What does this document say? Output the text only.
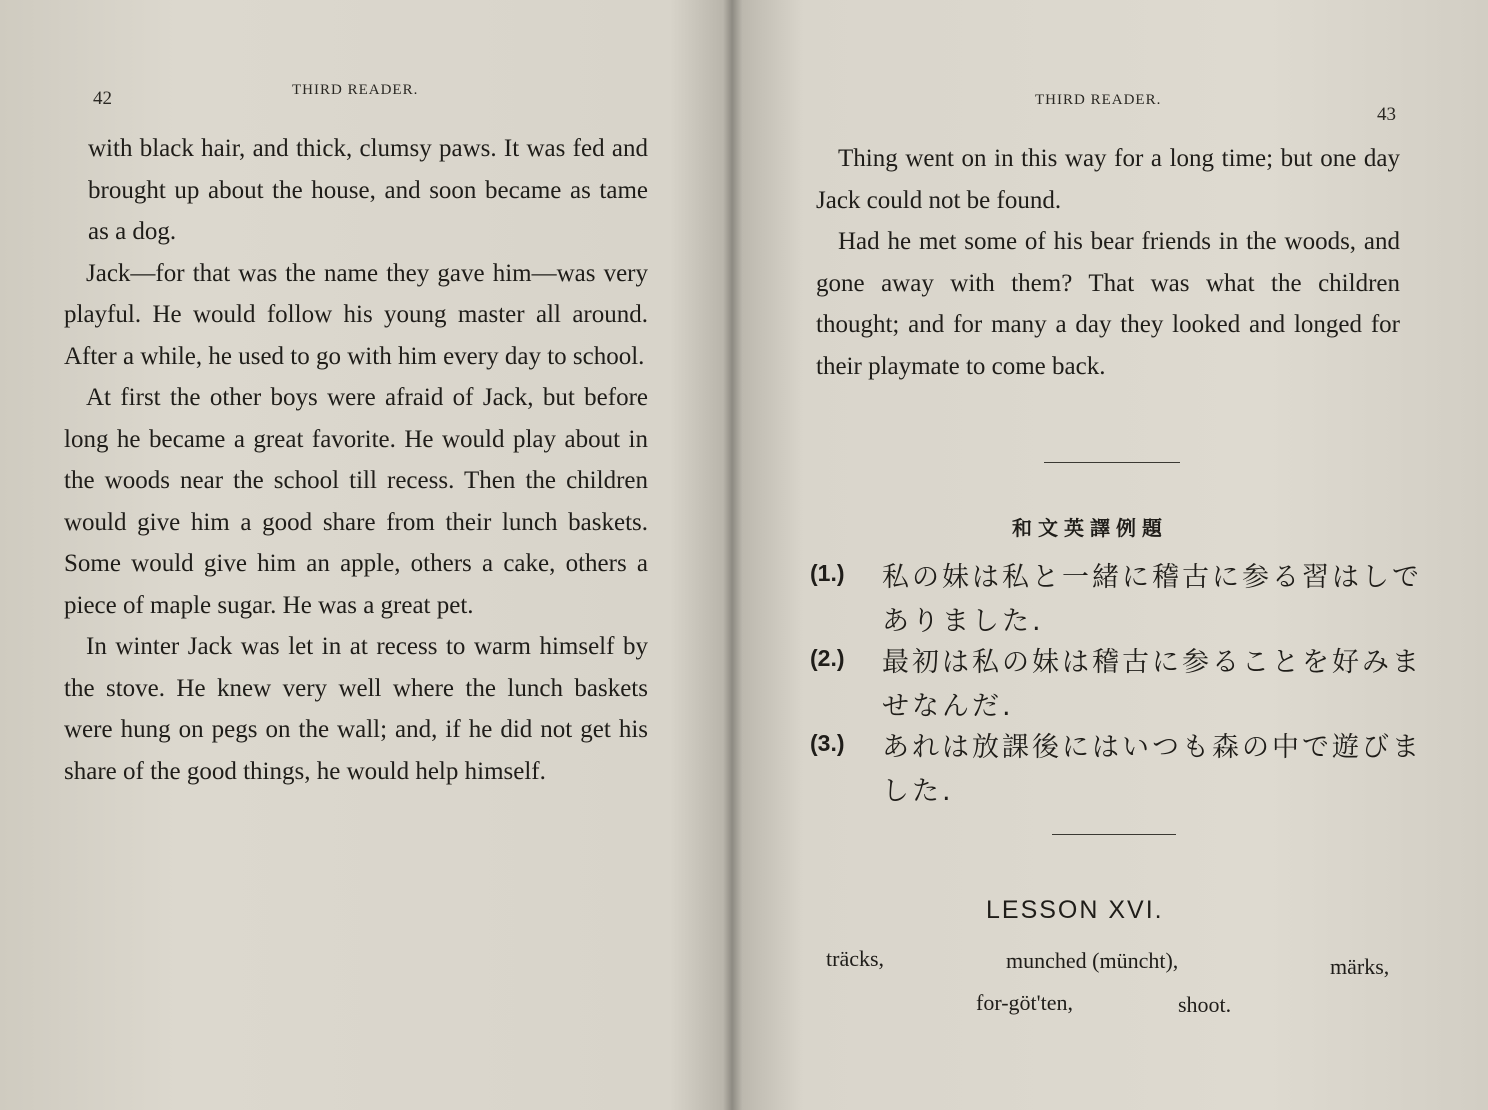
42	THIRD READER.

with black hair, and thick, clumsy paws. It was fed and brought up about the house, and soon became as tame as a dog.

Jack—for that was the name they gave him—was very playful. He would follow his young master all around. After a while, he used to go with him every day to school.

At first the other boys were afraid of Jack, but before long he became a great favorite. He would play about in the woods near the school till recess. Then the children would give him a good share from their lunch baskets. Some would give him an apple, others a cake, others a piece of maple sugar. He was a great pet.

In winter Jack was let in at recess to warm himself by the stove. He knew very well where the lunch baskets were hung on pegs on the wall; and, if he did not get his share of the good things, he would help himself.

THIRD READER.
43

Thing went on in this way for a long time; but one day Jack could not be found.

Had he met some of his bear friends in the woods, and gone away with them? That was what the children thought; and for many a day they looked and longed for their playmate to come back.

和文英譯例題
(1.) 私の妹は私と一緒に稽古に参る習はしでありました.
(2.) 最初は私の妹は稽古に参ることを好みませなんだ.
(3.) あれは放課後にはいつも森の中で遊びました.
LESSON XVI.
träcks,	munched (münсht),	märks,
for-göt'ten,	shoot.
